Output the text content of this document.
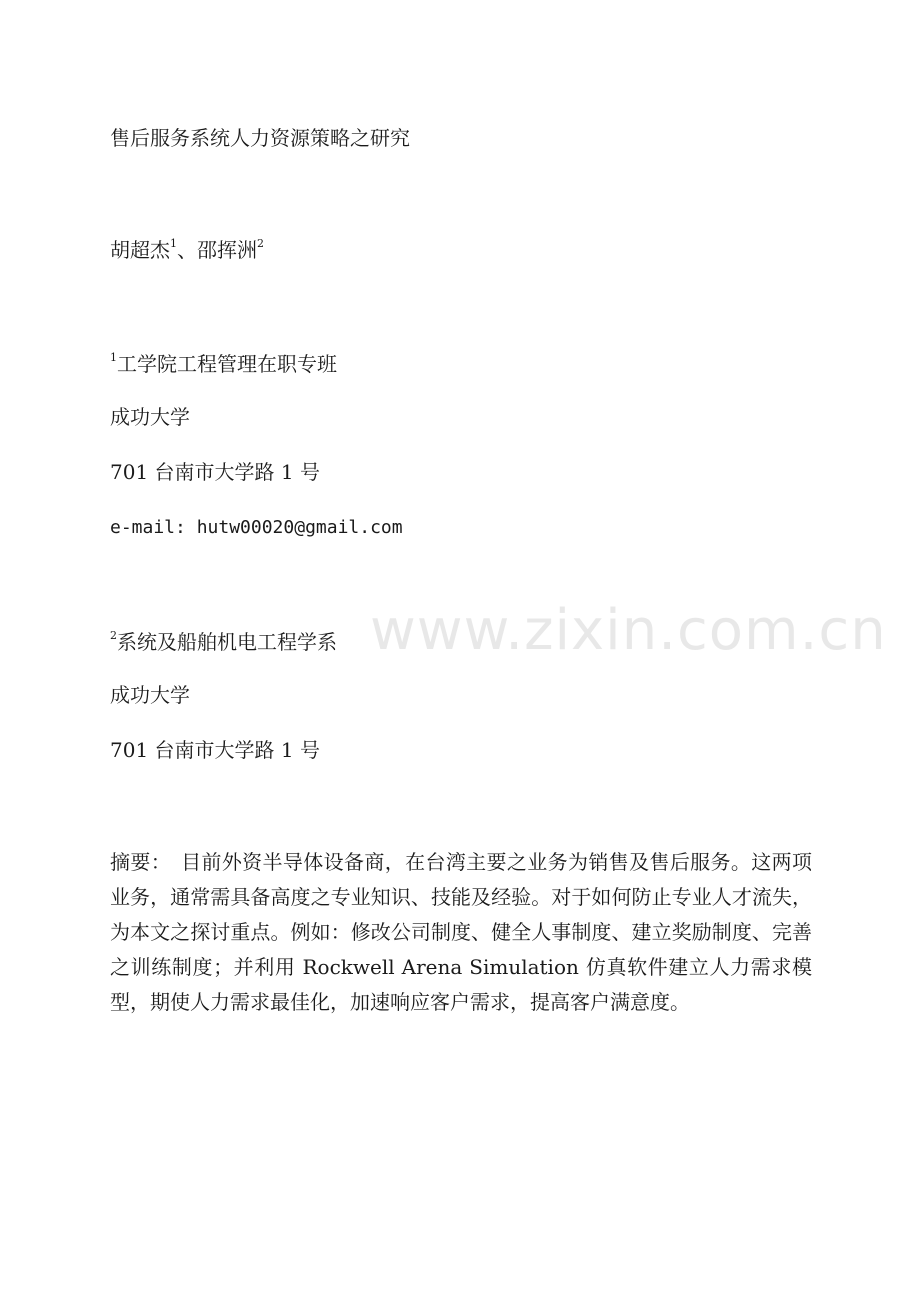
售后服务系统人力资源策略之研究
胡超杰$^1$、邵挥洲$^2$
$^1$工学院工程管理在职专班
成功大学
701 台南市大学路 1 号
e-mail: hutw00020@gmail.com
$^2$系统及船舶机电工程学系
成功大学
701 台南市大学路 1 号

摘要： 目前外资半导体设备商，在台湾主要之业务为销售及售后服务。这两项业务，通常需具备高度之专业知识、技能及经验。对于如何防止专业人才流失，为本文之探讨重点。例如：修改公司制度、健全人事制度、建立奖励制度、完善之训练制度；并利用 Rockwell Arena Simulation 仿真软件建立人力需求模型，期使人力需求最佳化，加速响应客户需求，提高客户满意度。

www.zixin.com.cn
